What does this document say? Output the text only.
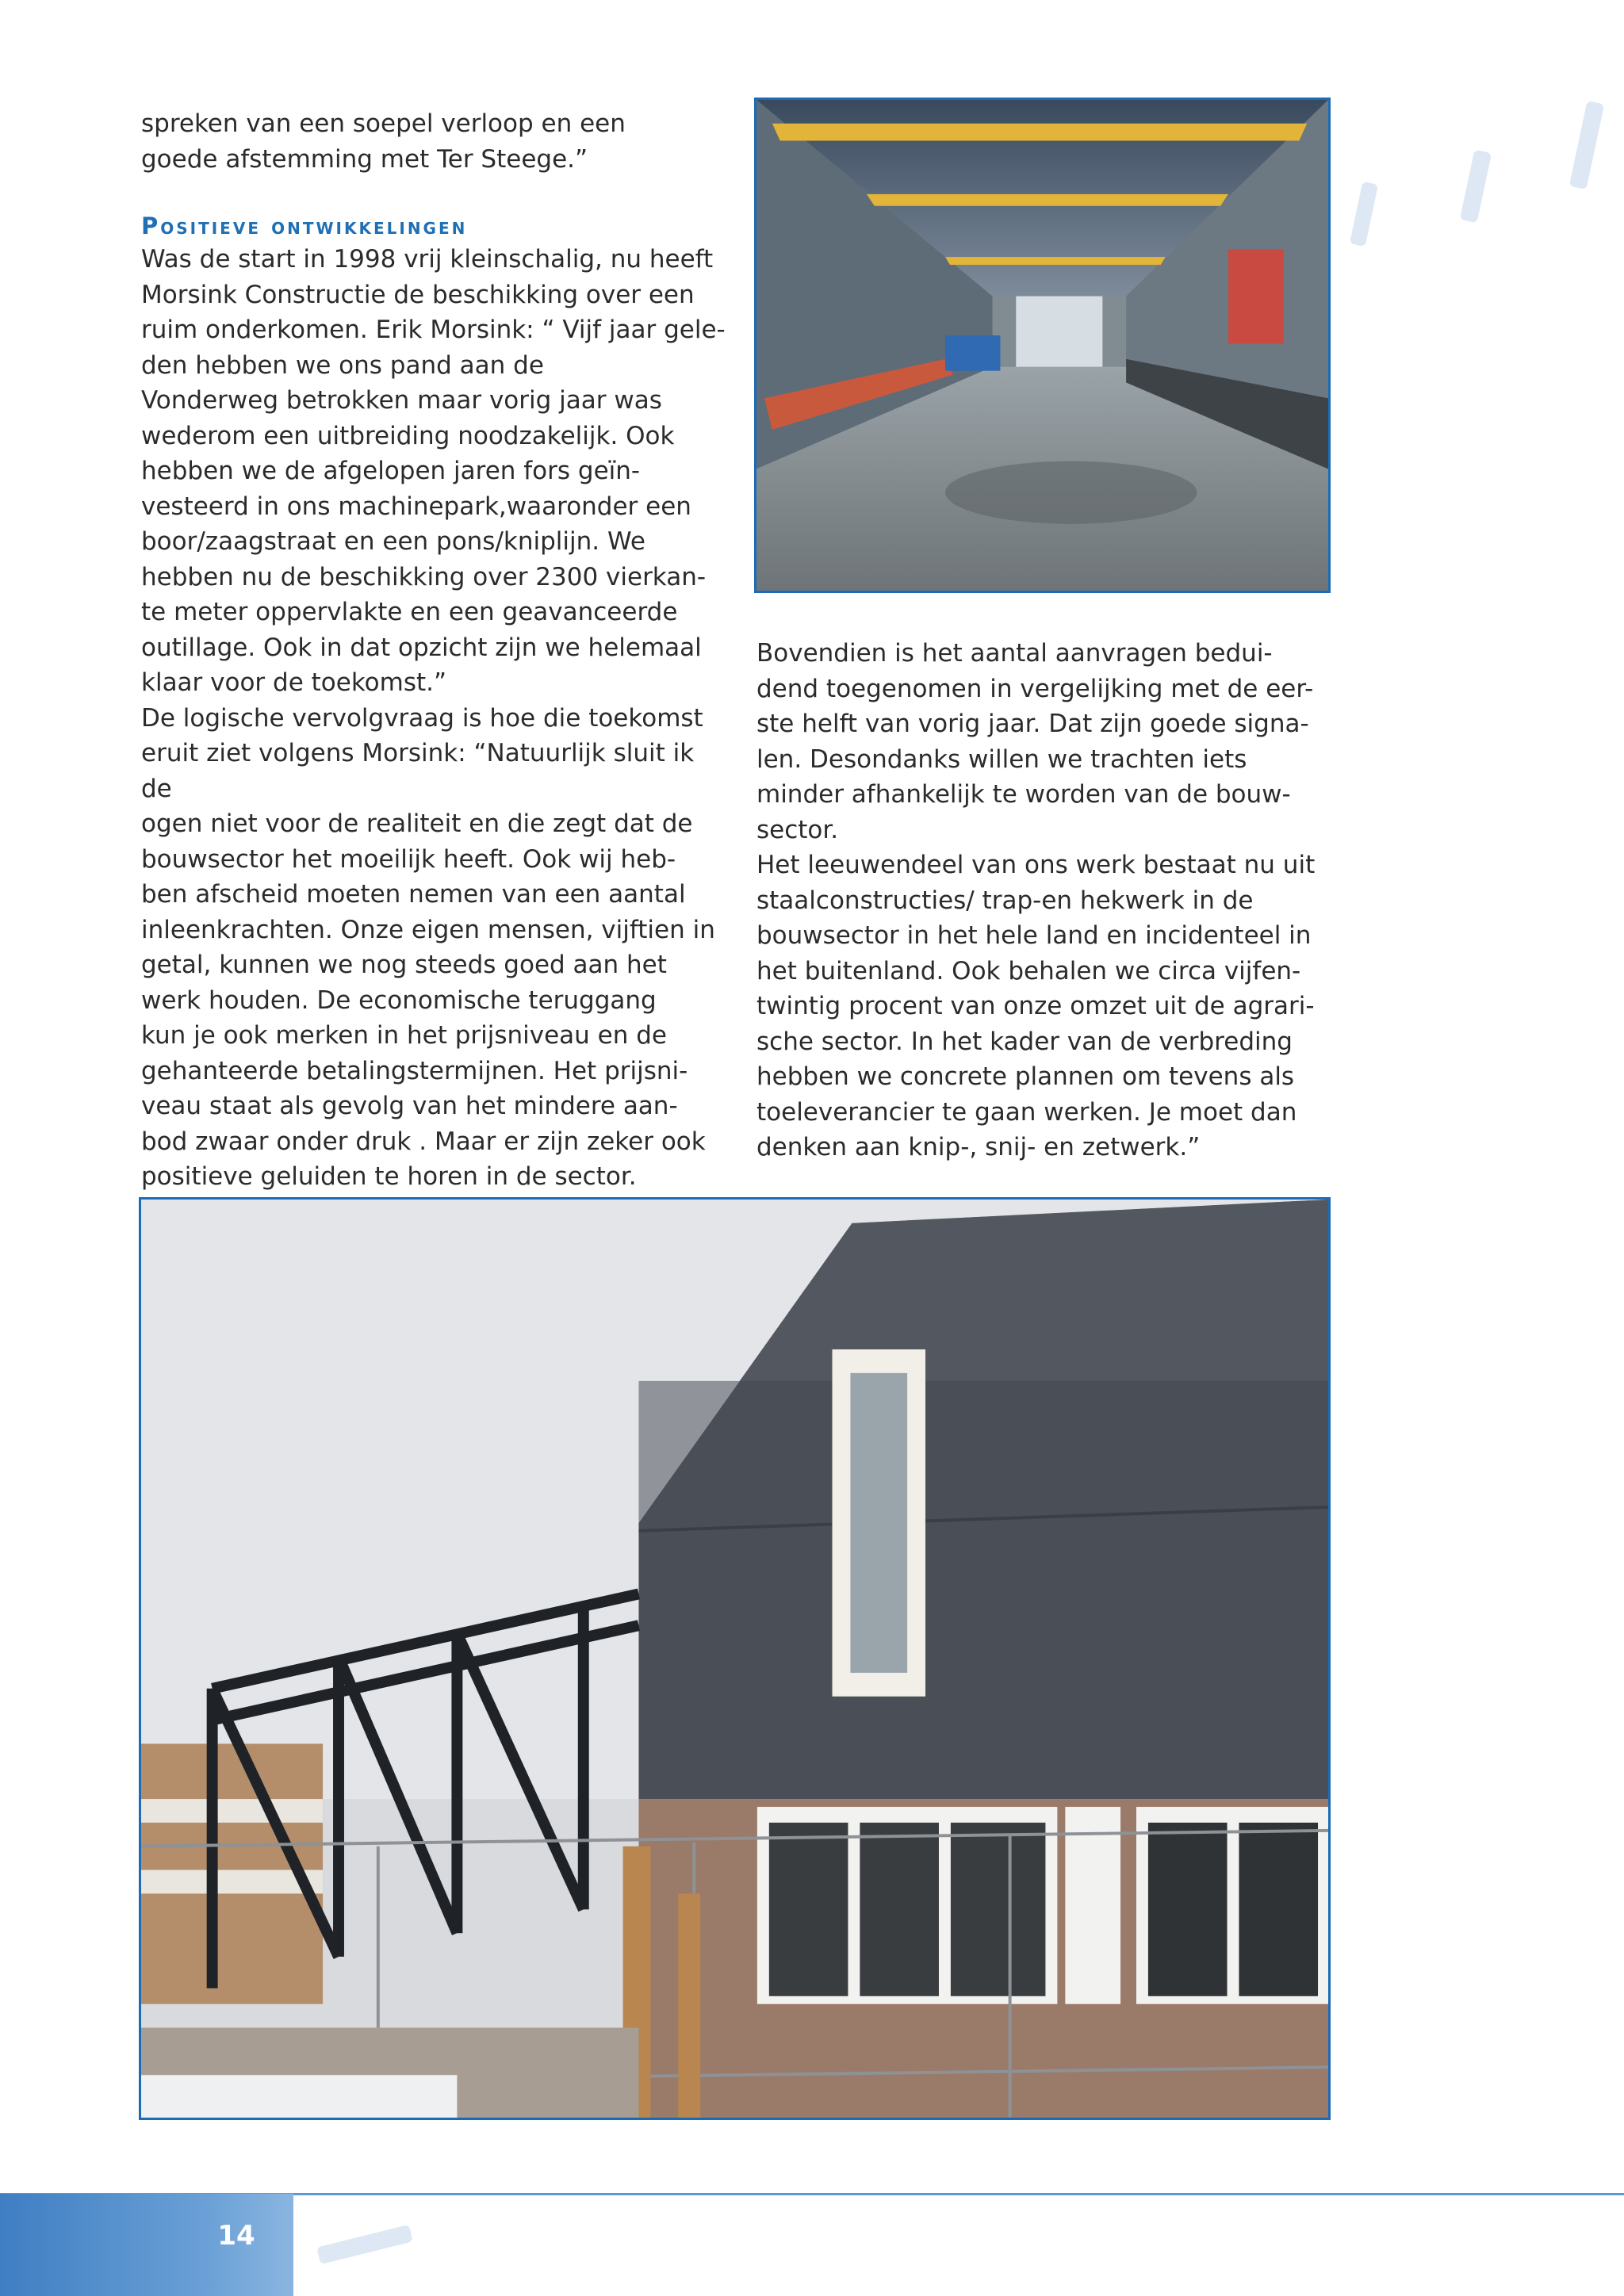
spreken van een soepel verloop en een

goede afstemming met Ter Steege.”

Positieve ontwikkelingen

Was de start in 1998 vrij kleinschalig, nu heeft

Morsink Constructie de beschikking over een

ruim onderkomen. Erik Morsink: “ Vijf jaar gele-

den hebben we ons pand aan de

Vonderweg betrokken maar vorig jaar was

wederom een uitbreiding noodzakelijk. Ook

hebben we de afgelopen jaren fors geïn-

vesteerd in ons machinepark,waaronder een

boor/zaagstraat en een pons/kniplijn. We

hebben nu de beschikking over 2300 vierkan-

te meter oppervlakte en een geavanceerde

outillage. Ook in dat opzicht zijn we helemaal

klaar voor de toekomst.”

De logische vervolgvraag is hoe die toekomst

eruit ziet volgens Morsink: “Natuurlijk sluit ik de

ogen niet voor de realiteit en die zegt dat de

bouwsector het moeilijk heeft. Ook wij heb-

ben afscheid moeten nemen van een aantal

inleenkrachten. Onze eigen mensen, vijftien in

getal, kunnen we nog steeds goed aan het

werk houden. De economische teruggang

kun je ook merken in het prijsniveau en de

gehanteerde betalingstermijnen. Het prijsni-

veau staat als gevolg van het mindere aan-

bod zwaar onder druk . Maar er zijn zeker ook

positieve geluiden te horen in de sector.

Bovendien is het aantal aanvragen bedui-

dend toegenomen in vergelijking met de eer-

ste helft van vorig jaar. Dat zijn goede signa-

len. Desondanks willen we trachten iets

minder afhankelijk te worden van de bouw-

sector.

Het leeuwendeel van ons werk bestaat nu uit

staalconstructies/ trap-en hekwerk in de

bouwsector in het hele land en incidenteel in

het buitenland. Ook behalen we circa vijfen-

twintig procent van onze omzet uit de agrari-

sche sector. In het kader van de verbreding

hebben we concrete plannen om tevens als

toeleverancier te gaan werken. Je moet dan

denken aan knip-, snij- en zetwerk.”

14
